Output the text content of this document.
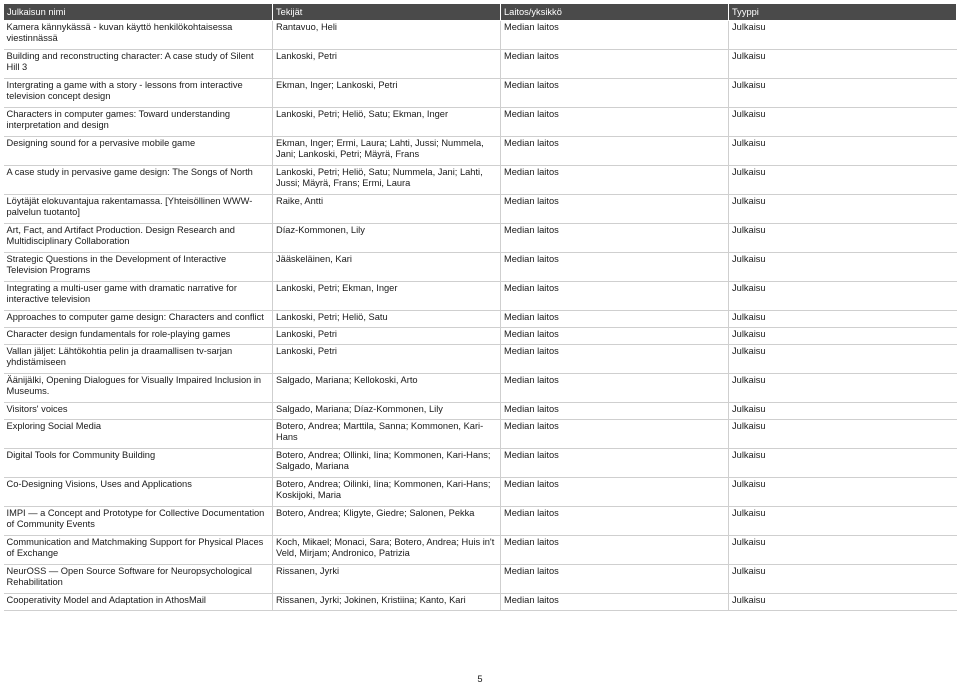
Julkaisun nimi	Tekijät	Laitos/yksikkö	Tyyppi
Kamera kännykässä - kuvan käyttö henkilökohtaisessa viestinnässä	Rantavuo, Heli	Median laitos	Julkaisu
Building and reconstructing character: A case study of Silent Hill 3	Lankoski, Petri	Median laitos	Julkaisu
Intergrating a game with a story - lessons from interactive television concept design	Ekman, Inger; Lankoski, Petri	Median laitos	Julkaisu
Characters in computer games: Toward understanding interpretation and design	Lankoski, Petri; Heliö, Satu; Ekman, Inger	Median laitos	Julkaisu
Designing sound for a pervasive mobile game	Ekman, Inger; Ermi, Laura; Lahti, Jussi; Nummela, Jani; Lankoski, Petri; Mäyrä, Frans	Median laitos	Julkaisu
A case study in pervasive game design: The Songs of North	Lankoski, Petri; Heliö, Satu; Nummela, Jani; Lahti, Jussi; Mäyrä, Frans; Ermi, Laura	Median laitos	Julkaisu
Löytäjät elokuvantajua rakentamassa. [Yhteisöllinen WWW-palvelun tuotanto]	Raike, Antti	Median laitos	Julkaisu
Art, Fact, and Artifact Production. Design Research and Multidisciplinary Collaboration	Díaz-Kommonen, Lily	Median laitos	Julkaisu
Strategic Questions in the Development of Interactive Television Programs	Jääskeläinen, Kari	Median laitos	Julkaisu
Integrating a multi-user game with dramatic narrative for interactive television	Lankoski, Petri; Ekman, Inger	Median laitos	Julkaisu
Approaches to computer game design: Characters and conflict	Lankoski, Petri; Heliö, Satu	Median laitos	Julkaisu
Character design fundamentals for role-playing games	Lankoski, Petri	Median laitos	Julkaisu
Vallan jäljet: Lähtökohtia pelin ja draamallisen tv-sarjan yhdistämiseen	Lankoski, Petri	Median laitos	Julkaisu
Äänijälki, Opening Dialogues for Visually Impaired Inclusion in Museums.	Salgado, Mariana; Kellokoski, Arto	Median laitos	Julkaisu
Visitors' voices	Salgado, Mariana; Díaz-Kommonen, Lily	Median laitos	Julkaisu
Exploring Social Media	Botero, Andrea; Marttila, Sanna; Kommonen, Kari-Hans	Median laitos	Julkaisu
Digital Tools for Community Building	Botero, Andrea; Ollinki, Iina; Kommonen, Kari-Hans; Salgado, Mariana	Median laitos	Julkaisu
Co-Designing Visions, Uses and Applications	Botero, Andrea; Oilinki, Iina; Kommonen, Kari-Hans; Koskijoki, Maria	Median laitos	Julkaisu
IMPI — a Concept and Prototype for Collective Documentation of Community Events	Botero, Andrea; Kligyte, Giedre; Salonen, Pekka	Median laitos	Julkaisu
Communication and Matchmaking Support for Physical Places of Exchange	Koch, Mikael; Monaci, Sara; Botero, Andrea; Huis in't Veld, Mirjam; Andronico, Patrizia	Median laitos	Julkaisu
NeurOSS — Open Source Software for Neuropsychological Rehabilitation	Rissanen, Jyrki	Median laitos	Julkaisu
Cooperativity Model and Adaptation in AthosMail	Rissanen, Jyrki; Jokinen, Kristiina; Kanto, Kari	Median laitos	Julkaisu
5
